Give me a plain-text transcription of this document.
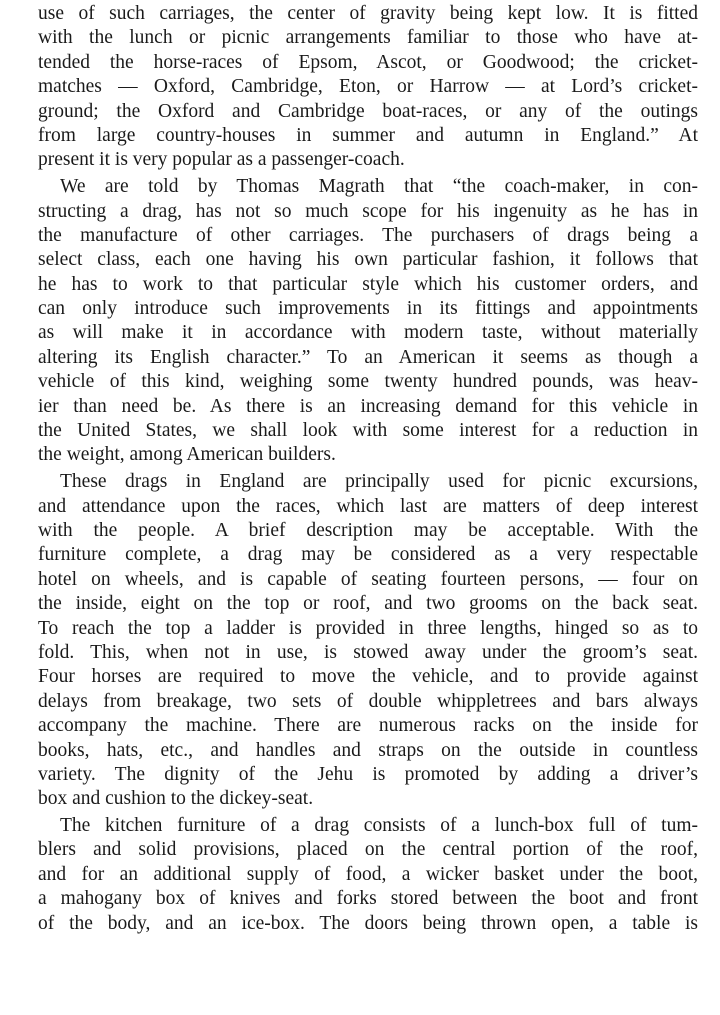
use of such carriages, the center of gravity being kept low. It is fitted
with the lunch or picnic arrangements familiar to those who have at-
tended the horse-races of Epsom, Ascot, or Goodwood; the cricket-
matches — Oxford, Cambridge, Eton, or Harrow — at Lord’s cricket-
ground; the Oxford and Cambridge boat-races, or any of the outings
from large country-houses in summer and autumn in England.” At
present it is very popular as a passenger-coach.
We are told by Thomas Magrath that “the coach-maker, in con-
structing a drag, has not so much scope for his ingenuity as he has in
the manufacture of other carriages. The purchasers of drags being a
select class, each one having his own particular fashion, it follows that
he has to work to that particular style which his customer orders, and
can only introduce such improvements in its fittings and appointments
as will make it in accordance with modern taste, without materially
altering its English character.” To an American it seems as though a
vehicle of this kind, weighing some twenty hundred pounds, was heav-
ier than need be. As there is an increasing demand for this vehicle in
the United States, we shall look with some interest for a reduction in
the weight, among American builders.
These drags in England are principally used for picnic excursions,
and attendance upon the races, which last are matters of deep interest
with the people. A brief description may be acceptable. With the
furniture complete, a drag may be considered as a very respectable
hotel on wheels, and is capable of seating fourteen persons, — four on
the inside, eight on the top or roof, and two grooms on the back seat.
To reach the top a ladder is provided in three lengths, hinged so as to
fold. This, when not in use, is stowed away under the groom’s seat.
Four horses are required to move the vehicle, and to provide against
delays from breakage, two sets of double whippletrees and bars always
accompany the machine. There are numerous racks on the inside for
books, hats, etc., and handles and straps on the outside in countless
variety. The dignity of the Jehu is promoted by adding a driver’s
box and cushion to the dickey-seat.
The kitchen furniture of a drag consists of a lunch-box full of tum-
blers and solid provisions, placed on the central portion of the roof,
and for an additional supply of food, a wicker basket under the boot,
a mahogany box of knives and forks stored between the boot and front
of the body, and an ice-box. The doors being thrown open, a table is
